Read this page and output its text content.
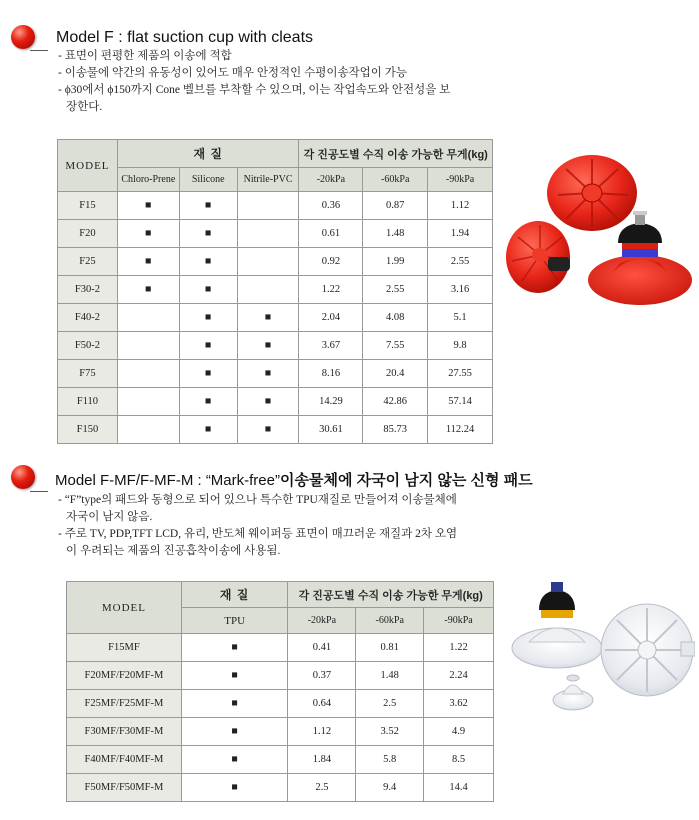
Model F : flat suction cup with cleats
- 표면이 편평한 제품의 이송에 적합
- 이송물에 약간의 유동성이 있어도 매우 안정적인 수평이송작업이 가능
- ϕ30에서 ϕ150까지 Cone 벨브를 부착할 수 있으며, 이는 작업속도와 안전성을 보
장한다.
MODEL	재 질			각 진공도별 수직 이송 가능한 무게(kg)		
	Chloro-Prene	Silicone	Nitrile-PVC	-20kPa	-60kPa	-90kPa
F15	■	■		0.36	0.87	1.12
F20	■	■		0.61	1.48	1.94
F25	■	■		0.92	1.99	2.55
F30-2	■	■		1.22	2.55	3.16
F40-2		■	■	2.04	4.08	5.1
F50-2		■	■	3.67	7.55	9.8
F75		■	■	8.16	20.4	27.55
F110		■	■	14.29	42.86	57.14
F150		■	■	30.61	85.73	112.24
Model F-MF/F-MF-M : “Mark-free”이송물체에 자국이 남지 않는 신형 패드
- “F”type의 패드와 동형으로 되어 있으나 특수한 TPU재질로 만들어져 이송물체에
자국이 남지 않음.
- 주로 TV, PDP,TFT LCD, 유리, 반도체 웨이퍼등 표면이 매끄러운 재질과 2차 오염
이 우려되는 제품의 진공흡착이송에 사용됨.
MODEL	재 질	각 진공도별 수직 이송 가능한 무게(kg)		
	TPU	-20kPa	-60kPa	-90kPa
F15MF	■	0.41	0.81	1.22
F20MF/F20MF-M	■	0.37	1.48	2.24
F25MF/F25MF-M	■	0.64	2.5	3.62
F30MF/F30MF-M	■	1.12	3.52	4.9
F40MF/F40MF-M	■	1.84	5.8	8.5
F50MF/F50MF-M	■	2.5	9.4	14.4
